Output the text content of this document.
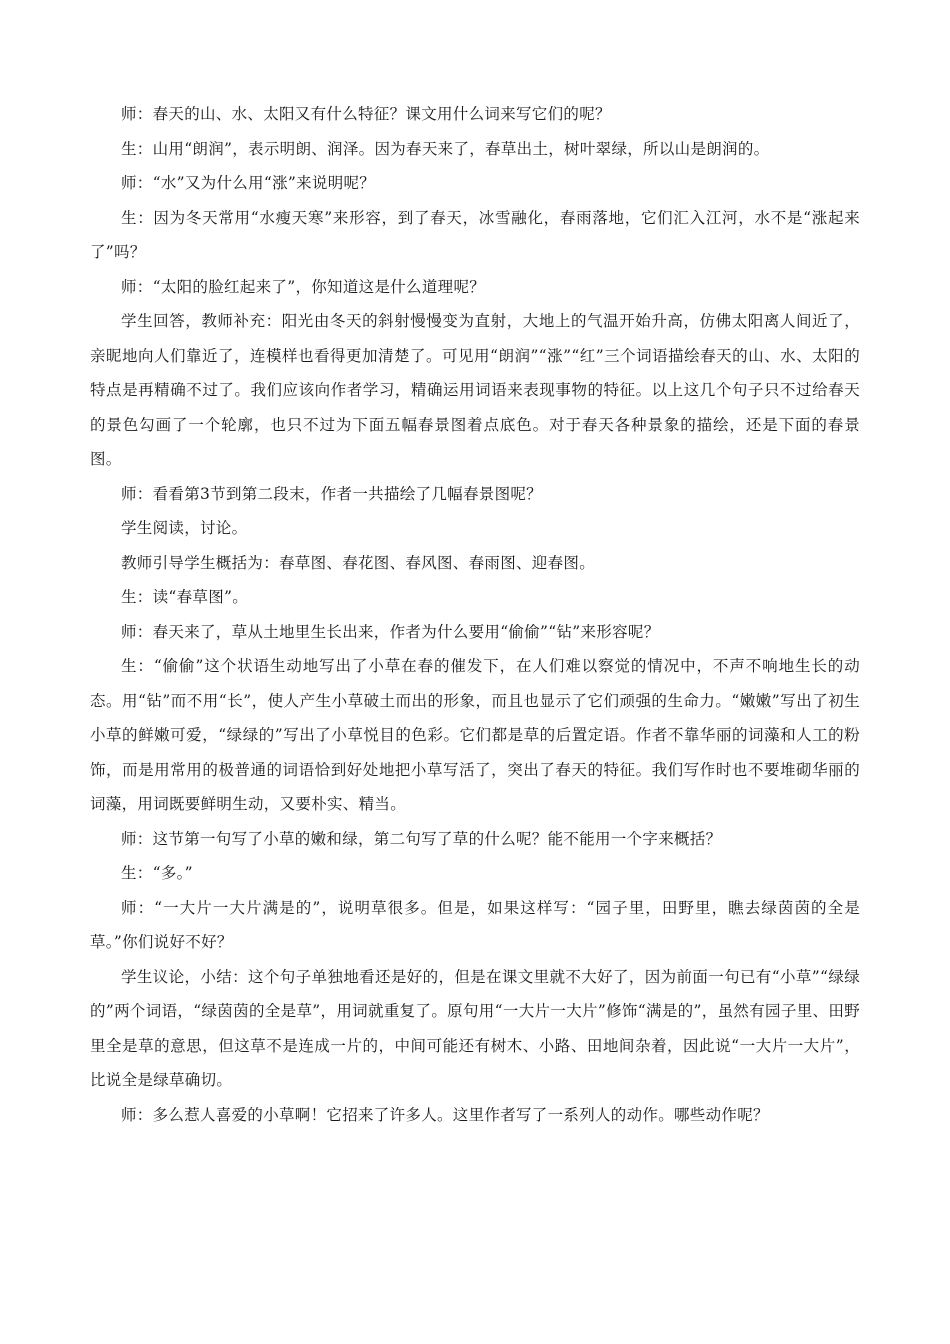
师：春天的山、水、太阳又有什么特征？课文用什么词来写它们的呢？

生：山用“朗润”，表示明朗、润泽。因为春天来了，春草出土，树叶翠绿，所以山是朗润的。

师：“水”又为什么用“涨”来说明呢？

生：因为冬天常用“水瘦天寒”来形容，到了春天，冰雪融化，春雨落地，它们汇入江河，水不是“涨起来了”吗？

师：“太阳的脸红起来了”，你知道这是什么道理呢？

学生回答，教师补充：阳光由冬天的斜射慢慢变为直射，大地上的气温开始升高，仿佛太阳离人间近了，亲昵地向人们靠近了，连模样也看得更加清楚了。可见用“朗润”“涨”“红”三个词语描绘春天的山、水、太阳的特点是再精确不过了。我们应该向作者学习，精确运用词语来表现事物的特征。以上这几个句子只不过给春天的景色勾画了一个轮廓，也只不过为下面五幅春景图着点底色。对于春天各种景象的描绘，还是下面的春景图。

师：看看第3节到第二段末，作者一共描绘了几幅春景图呢？

学生阅读，讨论。

教师引导学生概括为：春草图、春花图、春风图、春雨图、迎春图。

生：读“春草图”。

师：春天来了，草从土地里生长出来，作者为什么要用“偷偷”“钻”来形容呢？

生：“偷偷”这个状语生动地写出了小草在春的催发下，在人们难以察觉的情况中，不声不响地生长的动态。用“钻”而不用“长”，使人产生小草破土而出的形象，而且也显示了它们顽强的生命力。“嫩嫩”写出了初生小草的鲜嫩可爱，“绿绿的”写出了小草悦目的色彩。它们都是草的后置定语。作者不靠华丽的词藻和人工的粉饰，而是用常用的极普通的词语恰到好处地把小草写活了，突出了春天的特征。我们写作时也不要堆砌华丽的词藻，用词既要鲜明生动，又要朴实、精当。

师：这节第一句写了小草的嫩和绿，第二句写了草的什么呢？能不能用一个字来概括？

生：“多。”

师：“一大片一大片满是的”，说明草很多。但是，如果这样写：“园子里，田野里，瞧去绿茵茵的全是草。”你们说好不好？

学生议论，小结：这个句子单独地看还是好的，但是在课文里就不大好了，因为前面一句已有“小草”“绿绿的”两个词语，“绿茵茵的全是草”，用词就重复了。原句用“一大片一大片”修饰“满是的”，虽然有园子里、田野里全是草的意思，但这草不是连成一片的，中间可能还有树木、小路、田地间杂着，因此说“一大片一大片”，比说全是绿草确切。

师：多么惹人喜爱的小草啊！它招来了许多人。这里作者写了一系列人的动作。哪些动作呢？
